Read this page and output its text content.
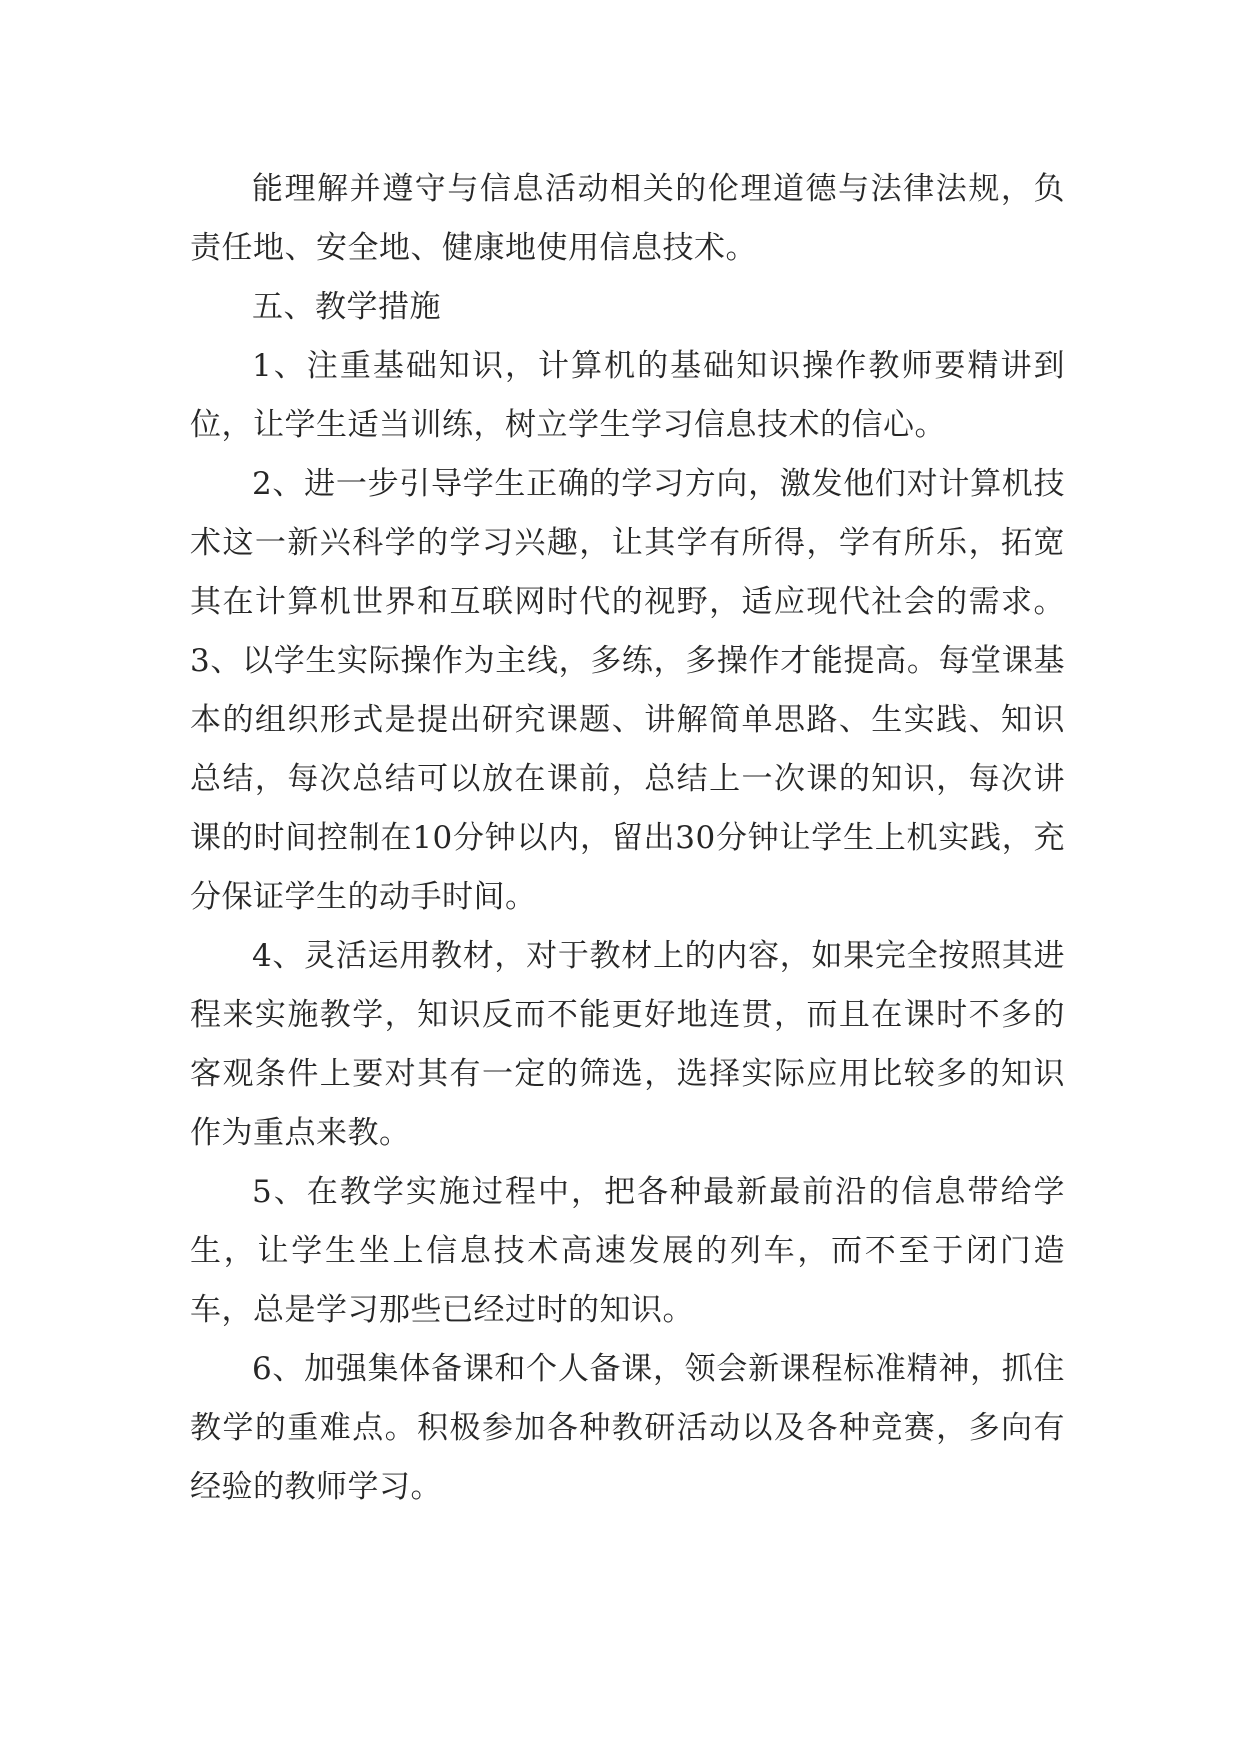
能理解并遵守与信息活动相关的伦理道德与法律法规，负责任地、安全地、健康地使用信息技术。

五、教学措施

1、注重基础知识，计算机的基础知识操作教师要精讲到位，让学生适当训练，树立学生学习信息技术的信心。

2、进一步引导学生正确的学习方向，激发他们对计算机技术这一新兴科学的学习兴趣，让其学有所得，学有所乐，拓宽其在计算机世界和互联网时代的视野，适应现代社会的需求。 3、以学生实际操作为主线，多练，多操作才能提高。每堂课基本的组织形式是提出研究课题、讲解简单思路、生实践、知识总结，每次总结可以放在课前，总结上一次课的知识，每次讲课的时间控制在10分钟以内，留出30分钟让学生上机实践，充分保证学生的动手时间。

4、灵活运用教材，对于教材上的内容，如果完全按照其进程来实施教学，知识反而不能更好地连贯，而且在课时不多的客观条件上要对其有一定的筛选，选择实际应用比较多的知识作为重点来教。

5、在教学实施过程中，把各种最新最前沿的信息带给学生，让学生坐上信息技术高速发展的列车，而不至于闭门造车，总是学习那些已经过时的知识。

6、加强集体备课和个人备课，领会新课程标准精神，抓住教学的重难点。积极参加各种教研活动以及各种竞赛，多向有经验的教师学习。
